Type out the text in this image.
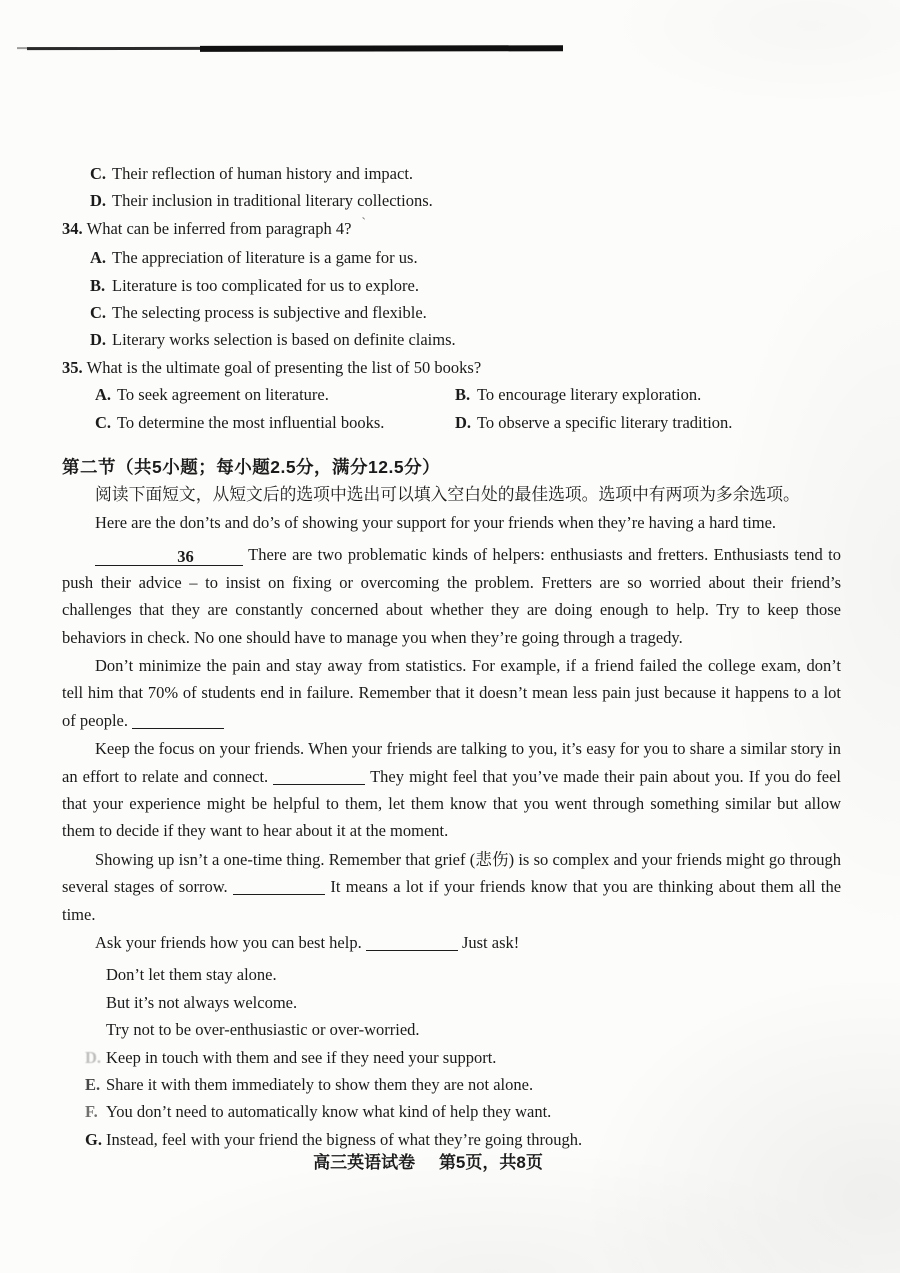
C. Their reflection of human history and impact.
D. Their inclusion in traditional literary collections.
34. What can be inferred from paragraph 4? `
A. The appreciation of literature is a game for us.
B. Literature is too complicated for us to explore.
C. The selecting process is subjective and flexible.
D. Literary works selection is based on definite claims.
35. What is the ultimate goal of presenting the list of 50 books?
A. To seek agreement on literature.	B. To encourage literary exploration.
C. To determine the most influential books.	D. To observe a specific literary tradition.
第二节（共5小题；每小题2.5分，满分12.5分）
阅读下面短文，从短文后的选项中选出可以填入空白处的最佳选项。选项中有两项为多余选项。

Here are the don’ts and do’s of showing your support for your friends when they’re having a hard time.

36	There are two problematic kinds of helpers: enthusiasts and fretters. Enthusiasts tend to push their advice – to insist on fixing or overcoming the problem. Fretters are so worried about their friend’s challenges that they are constantly concerned about whether they are doing enough to help. Try to keep those behaviors in check. No one should have to manage you when they’re going through a tragedy.

Don’t minimize the pain and stay away from statistics. For example, if a friend failed the college exam, don’t tell him that 70% of students end in failure. Remember that it doesn’t mean less pain just because it happens to a lot of people.

Keep the focus on your friends. When your friends are talking to you, it’s easy for you to share a similar story in an effort to relate and connect.	They might feel that you’ve made their pain about you. If you do feel that your experience might be helpful to them, let them know that you went through something similar but allow them to decide if they want to hear about it at the moment.

Showing up isn’t a one-time thing. Remember that grief (悲伤) is so complex and your friends might go through several stages of sorrow.	It means a lot if your friends know that you are thinking about them all the time.

Ask your friends how you can best help.	Just ask!

Don’t let them stay alone.
But it’s not always welcome.
Try not to be over-enthusiastic or over-worried.
D. Keep in touch with them and see if they need your support.
E. Share it with them immediately to show them they are not alone.
F. You don’t need to automatically know what kind of help they want.
G. Instead, feel with your friend the bigness of what they’re going through.
高三英语试卷 第5页，共8页
